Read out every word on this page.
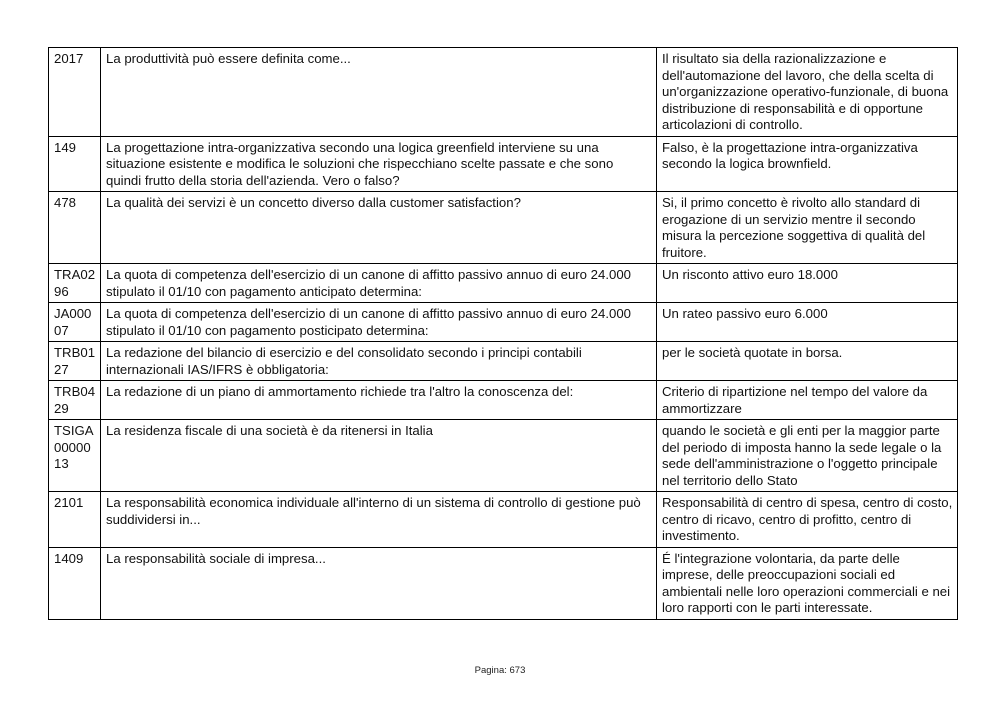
2017	La produttività può essere definita come...	Il risultato sia della razionalizzazione e dell'automazione del lavoro, che della scelta di un'organizzazione operativo-funzionale, di buona distribuzione di responsabilità e di opportune articolazioni di controllo.
149	La progettazione intra-organizzativa secondo una logica greenfield interviene su una situazione esistente e modifica le soluzioni che rispecchiano scelte passate e che sono quindi frutto della storia dell'azienda. Vero o falso?	Falso, è la progettazione intra-organizzativa secondo la logica brownfield.
478	La qualità dei servizi è un concetto diverso dalla customer satisfaction?	Si, il primo concetto è rivolto allo standard di erogazione di un servizio mentre il secondo misura la percezione soggettiva di qualità del fruitore.
TRA0296	La quota di competenza dell'esercizio di un canone di affitto passivo annuo di euro 24.000 stipulato il 01/10 con pagamento anticipato determina:	Un risconto attivo euro 18.000
JA00007	La quota di competenza dell'esercizio di un canone di affitto passivo annuo di euro 24.000 stipulato il 01/10 con pagamento posticipato determina:	Un rateo passivo euro 6.000
TRB0127	La redazione del bilancio di esercizio e del consolidato secondo i principi contabili internazionali IAS/IFRS è obbligatoria:	per le società quotate in borsa.
TRB0429	La redazione di un piano di ammortamento richiede tra l'altro la conoscenza del:	Criterio di ripartizione nel tempo del valore da ammortizzare
TSIGA0000013	La residenza fiscale di una società è da ritenersi in Italia	quando le società e gli enti per la maggior parte del periodo di imposta hanno la sede legale o la sede dell'amministrazione o l'oggetto principale nel territorio dello Stato
2101	La responsabilità economica individuale all'interno di un sistema di controllo di gestione può suddividersi in...	Responsabilità di centro di spesa, centro di costo, centro di ricavo, centro di profitto, centro di investimento.
1409	La responsabilità sociale di impresa...	É l'integrazione volontaria, da parte delle imprese, delle preoccupazioni sociali ed ambientali nelle loro operazioni commerciali e nei loro rapporti con le parti interessate.
Pagina: 673
